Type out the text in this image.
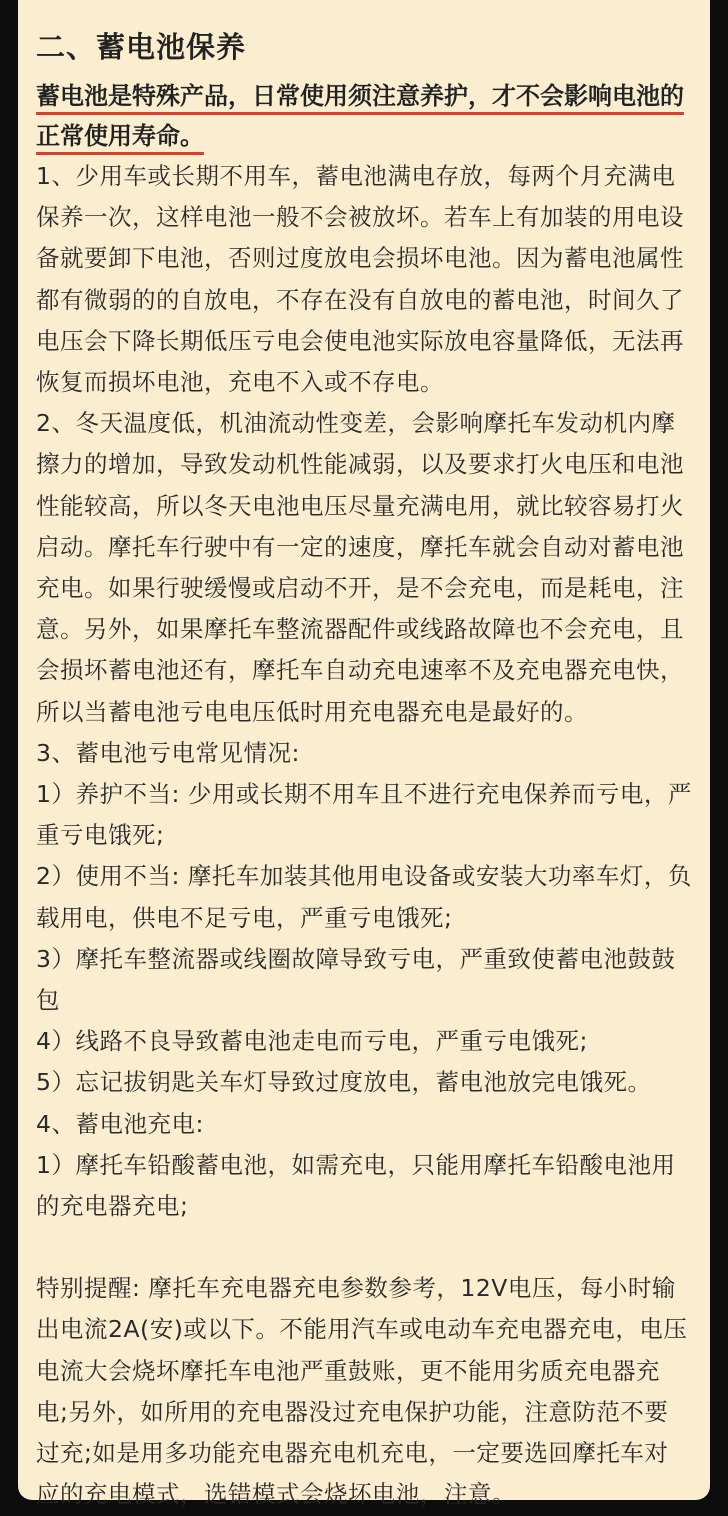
二、蓄电池保养
蓄电池是特殊产品，日常使用须注意养护，才不会影响电池的
正常使用寿命。

1、少用车或长期不用车，蓄电池满电存放，每两个月充满电保养一次，这样电池一般不会被放坏。若车上有加装的用电设备就要卸下电池，否则过度放电会损坏电池。因为蓄电池属性都有微弱的的自放电，不存在没有自放电的蓄电池，时间久了电压会下降长期低压亏电会使电池实际放电容量降低，无法再恢复而损坏电池，充电不入或不存电。

2、冬天温度低，机油流动性变差，会影响摩托车发动机内摩擦力的增加，导致发动机性能减弱，以及要求打火电压和电池性能较高，所以冬天电池电压尽量充满电用，就比较容易打火启动。摩托车行驶中有一定的速度，摩托车就会自动对蓄电池充电。如果行驶缓慢或启动不开，是不会充电，而是耗电，注意。另外，如果摩托车整流器配件或线路故障也不会充电，且会损坏蓄电池还有，摩托车自动充电速率不及充电器充电快，所以当蓄电池亏电电压低时用充电器充电是最好的。

3、蓄电池亏电常见情况:

1）养护不当: 少用或长期不用车且不进行充电保养而亏电，严重亏电饿死;

2）使用不当: 摩托车加装其他用电设备或安装大功率车灯，负载用电，供电不足亏电，严重亏电饿死;

3）摩托车整流器或线圈故障导致亏电，严重致使蓄电池鼓鼓包

4）线路不良导致蓄电池走电而亏电，严重亏电饿死;

5）忘记拔钥匙关车灯导致过度放电，蓄电池放完电饿死。

4、蓄电池充电:

1）摩托车铅酸蓄电池，如需充电，只能用摩托车铅酸电池用的充电器充电;

特别提醒: 摩托车充电器充电参数参考，12V电压，每小时输出电流2A(安)或以下。不能用汽车或电动车充电器充电，电压电流大会烧坏摩托车电池严重鼓账，更不能用劣质充电器充电;另外，如所用的充电器没过充电保护功能，注意防范不要过充;如是用多功能充电器充电机充电，一定要选回摩托车对应的充电模式，选错模式会烧坏电池，注意。
